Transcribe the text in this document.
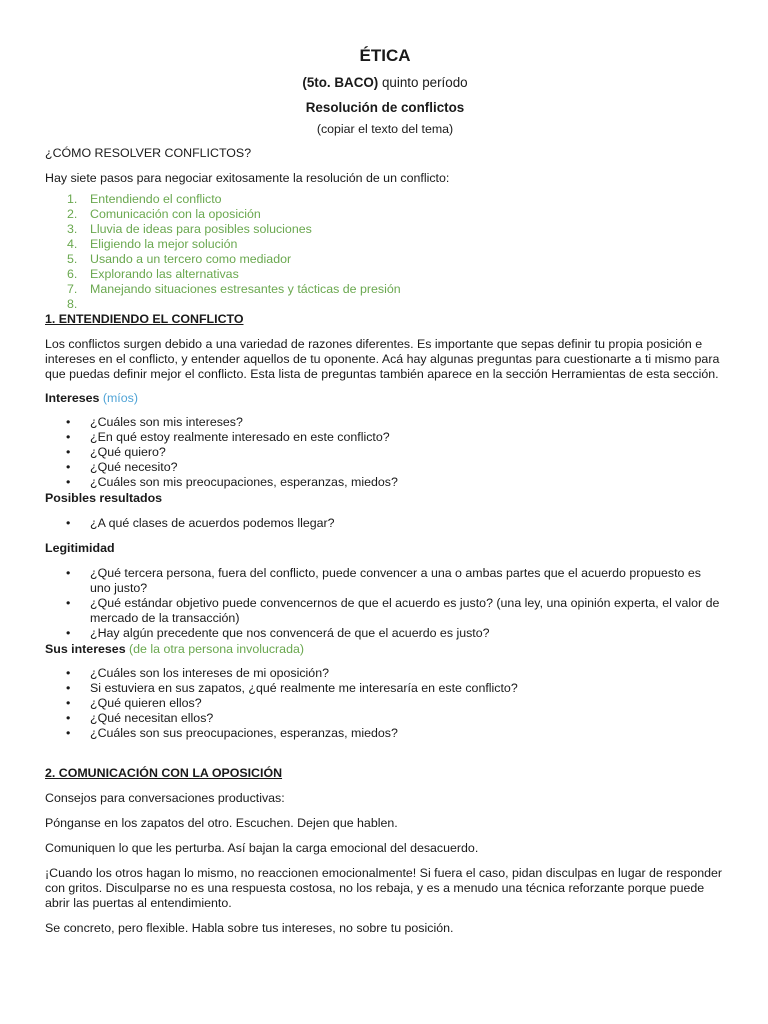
ÉTICA
(5to. BACO) quinto período
Resolución de conflictos
(copiar el texto del tema)

¿CÓMO RESOLVER CONFLICTOS?

Hay siete pasos para negociar exitosamente la resolución de un conflicto:

1. Entendiendo el conflicto
2. Comunicación con la oposición
3. Lluvia de ideas para posibles soluciones
4. Eligiendo la mejor solución
5. Usando a un tercero como mediador
6. Explorando las alternativas
7. Manejando situaciones estresantes y tácticas de presión
8.

1. ENTENDIENDO EL CONFLICTO

Los conflictos surgen debido a una variedad de razones diferentes. Es importante que sepas definir tu propia posición e intereses en el conflicto, y entender aquellos de tu oponente. Acá hay algunas preguntas para cuestionarte a ti mismo para que puedas definir mejor el conflicto. Esta lista de preguntas también aparece en la sección Herramientas de esta sección.

Intereses (míos)

• ¿Cuáles son mis intereses?
• ¿En qué estoy realmente interesado en este conflicto?
• ¿Qué quiero?
• ¿Qué necesito?
• ¿Cuáles son mis preocupaciones, esperanzas, miedos?

Posibles resultados

• ¿A qué clases de acuerdos podemos llegar?

Legitimidad

• ¿Qué tercera persona, fuera del conflicto, puede convencer a una o ambas partes que el acuerdo propuesto es uno justo?
• ¿Qué estándar objetivo puede convencernos de que el acuerdo es justo? (una ley, una opinión experta, el valor de mercado de la transacción)
• ¿Hay algún precedente que nos convencerá de que el acuerdo es justo?

Sus intereses (de la otra persona involucrada)

• ¿Cuáles son los intereses de mi oposición?
• Si estuviera en sus zapatos, ¿qué realmente me interesaría en este conflicto?
• ¿Qué quieren ellos?
• ¿Qué necesitan ellos?
• ¿Cuáles son sus preocupaciones, esperanzas, miedos?
2. COMUNICACIÓN CON LA OPOSICIÓN

Consejos para conversaciones productivas:

Pónganse en los zapatos del otro. Escuchen. Dejen que hablen.

Comuniquen lo que les perturba. Así bajan la carga emocional del desacuerdo.

¡Cuando los otros hagan lo mismo, no reaccionen emocionalmente! Si fuera el caso, pidan disculpas en lugar de responder con gritos. Disculparse no es una respuesta costosa, no los rebaja, y es a menudo una técnica reforzante porque puede abrir las puertas al entendimiento.

Se concreto, pero flexible. Habla sobre tus intereses, no sobre tu posición.
